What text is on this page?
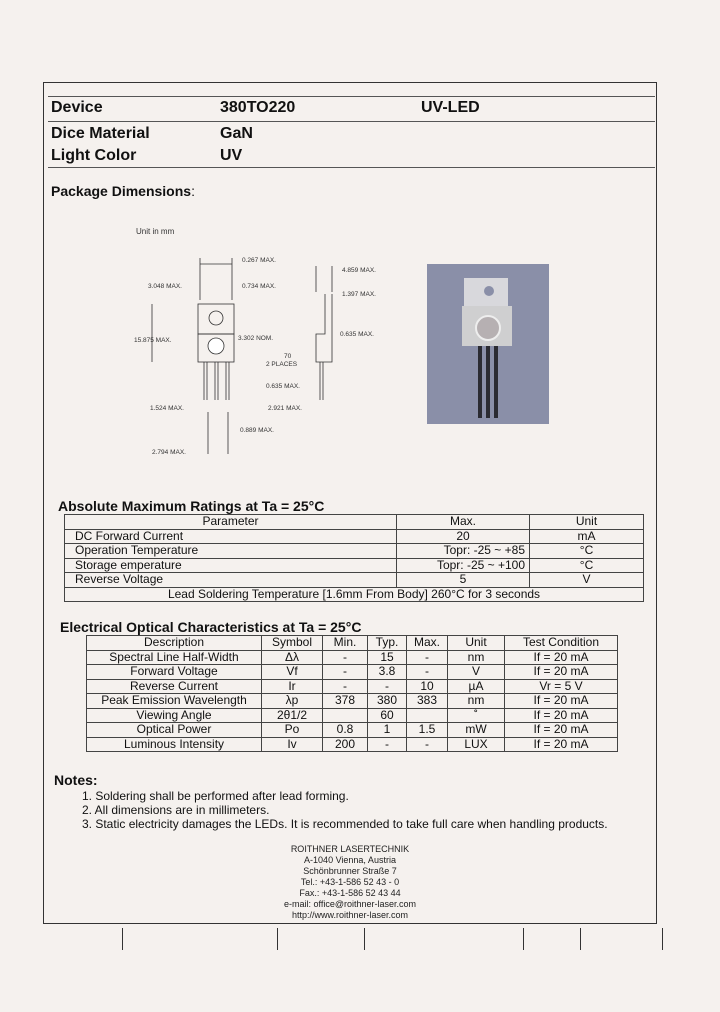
Device	380TO220	UV-LED
Dice Material	GaN
Light Color	UV
Package Dimensions:
Unit in mm
0.267 MAX.
3.048 MAX.	0.734 MAX.
4.859 MAX.
1.397 MAX.
15.875 MAX.	3.302 NOM.
0.635 MAX.
70
2 PLACES
0.635 MAX.
1.524 MAX.	2.921 MAX.
0.889 MAX.
2.794 MAX.
Absolute Maximum Ratings at Ta = 25°C
Parameter	Max.	Unit
DC Forward Current	20	mA
Operation Temperature	Topr: -25 ~ +85	°C
Storage emperature	Topr: -25 ~ +100	°C
Reverse Voltage	5	V
Lead Soldering Temperature [1.6mm From Body] 260°C for 3 seconds		
Electrical Optical Characteristics at Ta = 25°C
Description	Symbol	Min.	Typ.	Max.	Unit	Test Condition
Spectral Line Half-Width	Δλ	-	15	-	nm	If = 20 mA
Forward Voltage	Vf	-	3.8	-	V	If = 20 mA
Reverse Current	Ir	-	-	10	µA	Vr = 5 V
Peak Emission Wavelength	λp	378	380	383	nm	If = 20 mA
Viewing Angle	2θ1/2		60		˚	If = 20 mA
Optical Power	Po	0.8	1	1.5	mW	If = 20 mA
Luminous Intensity	Iv	200	-	-	LUX	If = 20 mA
Notes:
1. Soldering shall be performed after lead forming.
2. All dimensions are in millimeters.
3. Static electricity damages the LEDs. It is recommended to take full care when handling products.
ROITHNER LASERTECHNIK
A-1040 Vienna, Austria
Schönbrunner Straße 7
Tel.: +43-1-586 52 43 - 0
Fax.: +43-1-586 52 43 44
e-mail: office@roithner-laser.com
http://www.roithner-laser.com
